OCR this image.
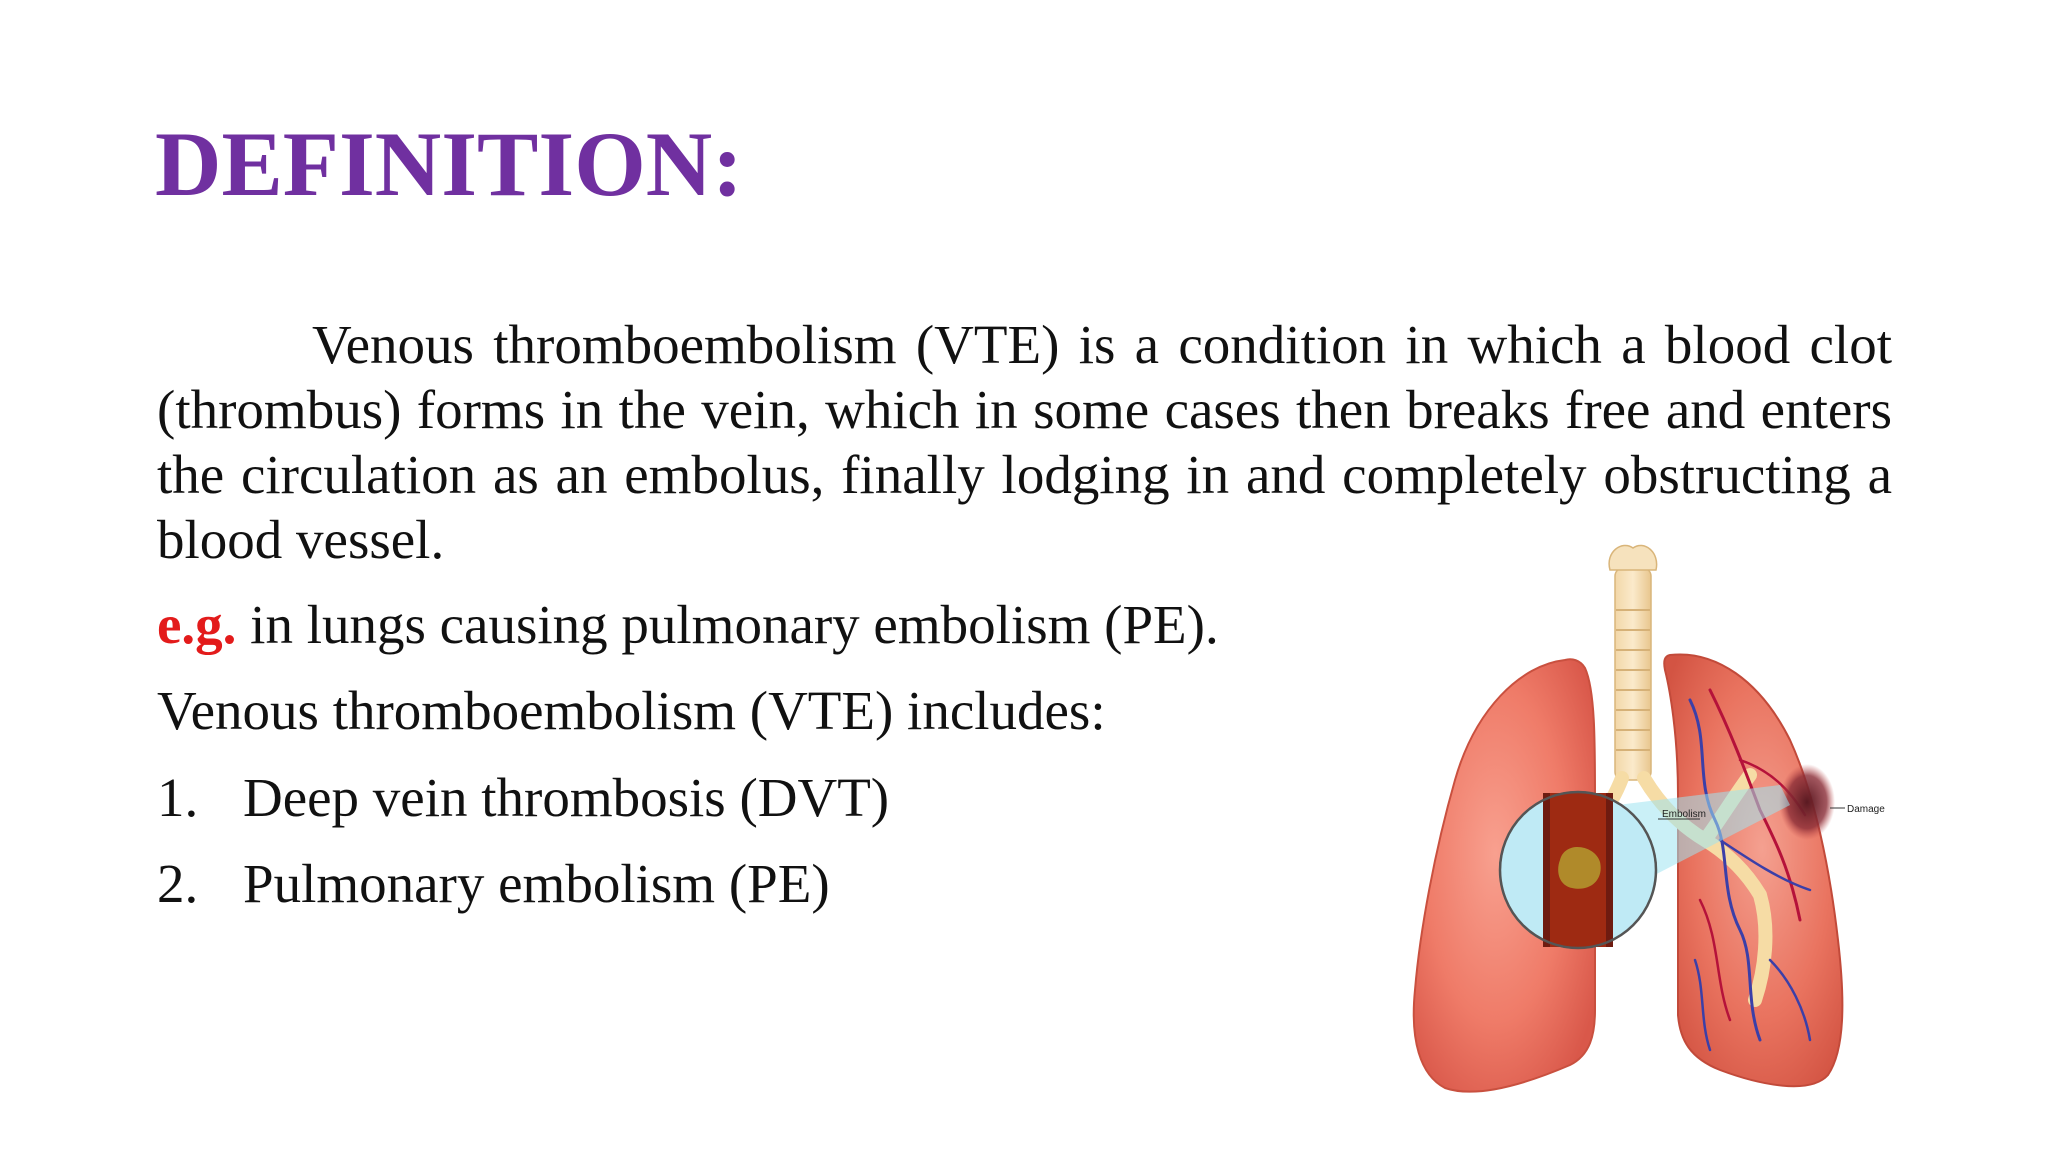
DEFINITION:

Venous thromboembolism (VTE) is a condition in which a blood clot (thrombus) forms in the vein, which in some cases then breaks free and enters the circulation as an embolus, finally lodging in and completely obstructing a blood vessel.

e.g. in lungs causing pulmonary embolism (PE).

Venous thromboembolism (VTE) includes:

1. Deep vein thrombosis (DVT)
2. Pulmonary embolism (PE)
Embolism	Damage
